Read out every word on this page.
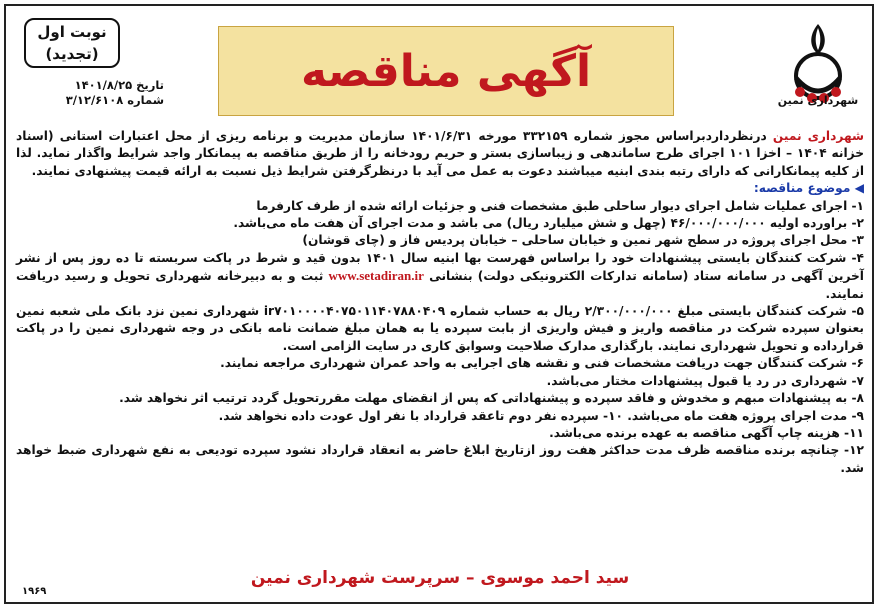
شهرداری نمین
آگهی مناقصه
نوبت اول
(تجدید)
تاریخ ۱۴۰۱/۸/۲۵
شماره ۳/۱۲/۶۱۰۸

شهرداری نمین درنظرداردبراساس مجوز شماره ۳۳۲۱۵۹ مورخه ۱۴۰۱/۶/۳۱ سازمان مدیریت و برنامه ریزی از محل اعتبارات استانی (اسناد خزانه ۱۴۰۴ – اخزا ۱۰۱ اجرای طرح ساماندهی و زیباسازی بستر و حریم رودخانه را از طریق مناقصه به پیمانکار واجد شرایط واگذار نماید. لذا از کلیه پیمانکارانی که دارای رتبه بندی ابنیه میباشند دعوت به عمل می آید با درنظرگرفتن شرایط ذیل نسبت به ارائه قیمت پیشنهادی نمایند.

◀ موضوع مناقصه:

۱- اجرای عملیات شامل اجرای دیوار ساحلی طبق مشخصات فنی و جزئیات ارائه شده از طرف کارفرما
۲- براورده اولیه ۴۶/۰۰۰/۰۰۰/۰۰۰ (چهل و شش میلیارد ریال) می باشد و مدت اجرای آن هفت ماه می‌باشد.
۳- محل اجرای پروژه در سطح شهر نمین و خیابان ساحلی – خیابان پردیس فاز و (چای قوشان)
۴- شرکت کنندگان بایستی پیشنهادات خود را براساس فهرست بها ابنیه سال ۱۴۰۱ بدون قید و شرط در پاکت سربسته تا ده روز پس از نشر آخرین آگهی در سامانه ستاد (سامانه تدارکات الکترونیکی دولت) بنشانی www.setadiran.ir ثبت و به دبیرخانه شهرداری تحویل و رسید دریافت نمایند.
۵- شرکت کنندگان بایستی مبلغ ۲/۳۰۰/۰۰۰/۰۰۰ ریال به حساب شماره ir۷۰۱۰۰۰۰۴۰۷۵۰۱۱۴۰۷۸۸۰۴۰۹ شهرداری نمین نزد بانک ملی شعبه نمین بعنوان سپرده شرکت در مناقصه واریز و فیش واریزی از بابت سپرده یا به همان مبلغ ضمانت نامه بانکی در وجه شهرداری نمین را در پاکت قرارداده و تحویل شهرداری نمایند. بارگذاری مدارک صلاحیت وسوابق کاری در سایت الزامی است.
۶- شرکت کنندگان جهت دریافت مشخصات فنی و نقشه های اجرایی به واحد عمران شهرداری مراجعه نمایند.
۷- شهرداری در رد یا قبول پیشنهادات مختار می‌باشد.
۸- به پیشنهادات مبهم و مخدوش و فاقد سپرده و پیشنهاداتی که پس از انقضای مهلت مقررتحویل گردد ترتیب اثر نخواهد شد.
۹- مدت اجرای پروژه هفت ماه می‌باشد. ۱۰- سپرده نفر دوم تاعقد قرارداد با نفر اول عودت داده نخواهد شد.
۱۱- هزینه چاپ آگهی مناقصه به عهده برنده می‌باشد.
۱۲- چنانچه برنده مناقصه ظرف مدت حداکثر هفت روز ازتاریخ ابلاغ حاضر به انعقاد قرارداد نشود سپرده تودیعی به نفع شهرداری ضبط خواهد شد.
سید احمد موسوی – سرپرست شهرداری نمین
۱۹۶۹
